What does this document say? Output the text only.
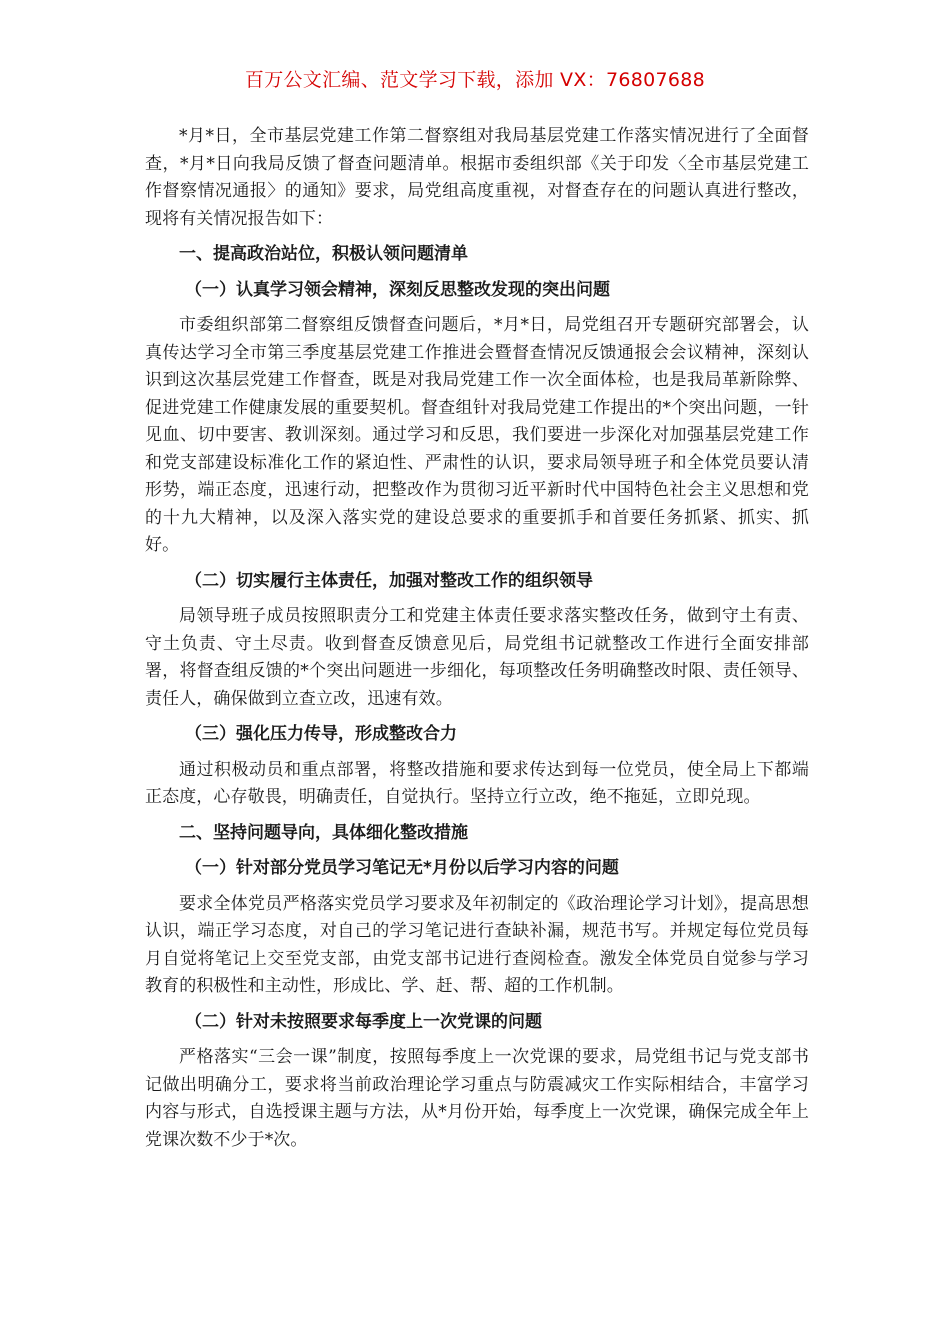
百万公文汇编、范文学习下载，添加 VX：76807688

*月*日，全市基层党建工作第二督察组对我局基层党建工作落实情况进行了全面督查，*月*日向我局反馈了督查问题清单。根据市委组织部《关于印发〈全市基层党建工作督察情况通报〉的通知》要求，局党组高度重视，对督查存在的问题认真进行整改，现将有关情况报告如下：

一、提高政治站位，积极认领问题清单
（一）认真学习领会精神，深刻反思整改发现的突出问题

市委组织部第二督察组反馈督查问题后，*月*日，局党组召开专题研究部署会，认真传达学习全市第三季度基层党建工作推进会暨督查情况反馈通报会会议精神，深刻认识到这次基层党建工作督查，既是对我局党建工作一次全面体检，也是我局革新除弊、促进党建工作健康发展的重要契机。督查组针对我局党建工作提出的*个突出问题，一针见血、切中要害、教训深刻。通过学习和反思，我们要进一步深化对加强基层党建工作和党支部建设标准化工作的紧迫性、严肃性的认识，要求局领导班子和全体党员要认清形势，端正态度，迅速行动，把整改作为贯彻习近平新时代中国特色社会主义思想和党的十九大精神，以及深入落实党的建设总要求的重要抓手和首要任务抓紧、抓实、抓好。

（二）切实履行主体责任，加强对整改工作的组织领导

局领导班子成员按照职责分工和党建主体责任要求落实整改任务，做到守土有责、守土负责、守土尽责。收到督查反馈意见后，局党组书记就整改工作进行全面安排部署，将督查组反馈的*个突出问题进一步细化，每项整改任务明确整改时限、责任领导、责任人，确保做到立查立改，迅速有效。

（三）强化压力传导，形成整改合力

通过积极动员和重点部署，将整改措施和要求传达到每一位党员，使全局上下都端正态度，心存敬畏，明确责任，自觉执行。坚持立行立改，绝不拖延，立即兑现。

二、坚持问题导向，具体细化整改措施
（一）针对部分党员学习笔记无*月份以后学习内容的问题

要求全体党员严格落实党员学习要求及年初制定的《政治理论学习计划》，提高思想认识，端正学习态度，对自己的学习笔记进行查缺补漏，规范书写。并规定每位党员每月自觉将笔记上交至党支部，由党支部书记进行查阅检查。激发全体党员自觉参与学习教育的积极性和主动性，形成比、学、赶、帮、超的工作机制。

（二）针对未按照要求每季度上一次党课的问题

严格落实“三会一课”制度，按照每季度上一次党课的要求，局党组书记与党支部书记做出明确分工，要求将当前政治理论学习重点与防震减灾工作实际相结合，丰富学习内容与形式，自选授课主题与方法，从*月份开始，每季度上一次党课，确保完成全年上党课次数不少于*次。
